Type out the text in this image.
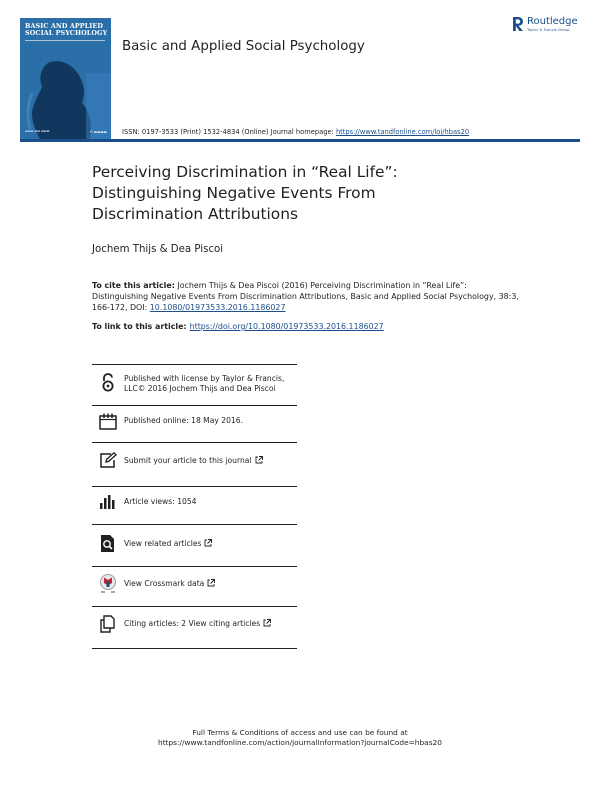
BASIC AND APPLIED
SOCIAL PSYCHOLOGY
▬▬▬ ▬▬ ▬▬▬	R ▬▬▬▬
Basic and Applied Social Psychology
Routledge
Taylor & Francis Group
ISSN: 0197-3533 (Print) 1532-4834 (Online) Journal homepage: https://www.tandfonline.com/loi/hbas20
Perceiving Discrimination in “Real Life”:
Distinguishing Negative Events From
Discrimination Attributions
Jochem Thijs & Dea Piscoi
To cite this article: Jochem Thijs & Dea Piscoi (2016) Perceiving Discrimination in “Real Life”: Distinguishing Negative Events From Discrimination Attributions, Basic and Applied Social Psychology, 38:3, 166-172, DOI: 10.1080/01973533.2016.1186027
To link to this article: https://doi.org/10.1080/01973533.2016.1186027
Published with license by Taylor & Francis,
LLC© 2016 Jochem Thijs and Dea Piscoi
Published online: 18 May 2016.
Submit your article to this journal
Article views: 1054
View related articles
View Crossmark data
Citing articles: 2 View citing articles
Full Terms & Conditions of access and use can be found at
https://www.tandfonline.com/action/journalInformation?journalCode=hbas20
